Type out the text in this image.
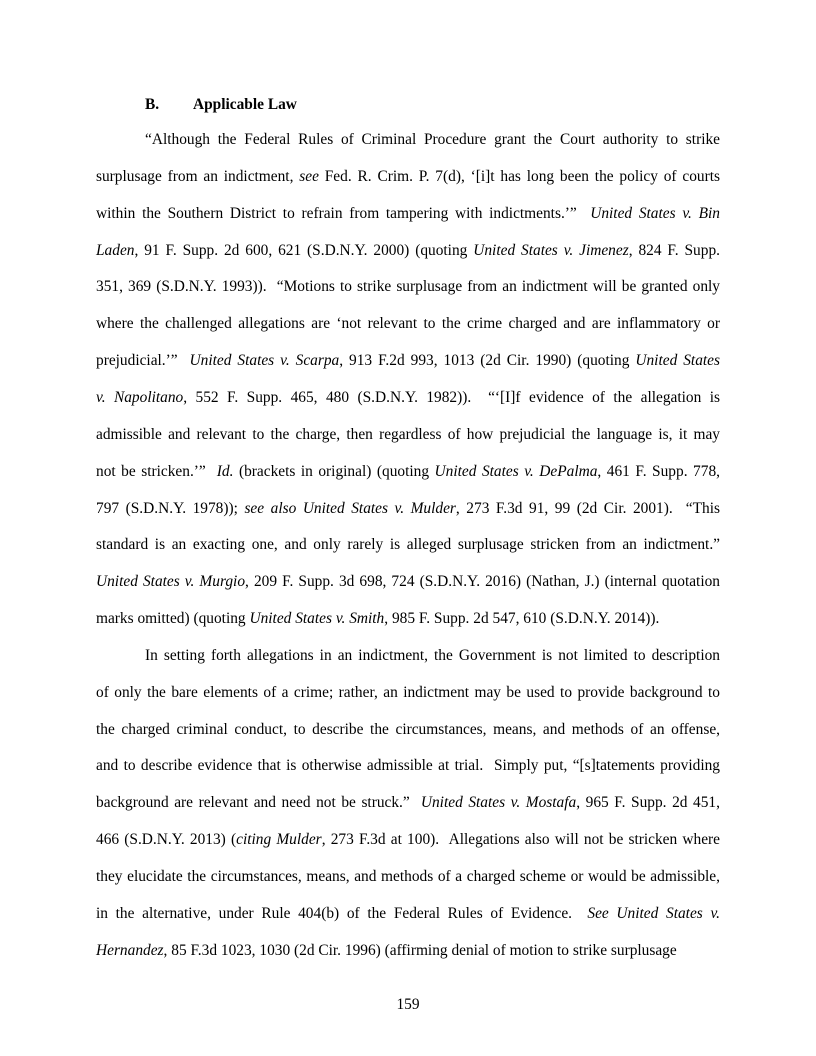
B. Applicable Law
“Although the Federal Rules of Criminal Procedure grant the Court authority to strike
surplusage from an indictment, see Fed. R. Crim. P. 7(d), ‘[i]t has long been the policy of courts
within the Southern District to refrain from tampering with indictments.’”  United States v. Bin
Laden, 91 F. Supp. 2d 600, 621 (S.D.N.Y. 2000) (quoting United States v. Jimenez, 824 F. Supp.
351, 369 (S.D.N.Y. 1993)).  “Motions to strike surplusage from an indictment will be granted only
where the challenged allegations are ‘not relevant to the crime charged and are inflammatory or
prejudicial.’”  United States v. Scarpa, 913 F.2d 993, 1013 (2d Cir. 1990) (quoting United States
v. Napolitano, 552 F. Supp. 465, 480 (S.D.N.Y. 1982)).  “‘[I]f evidence of the allegation is
admissible and relevant to the charge, then regardless of how prejudicial the language is, it may
not be stricken.’”  Id. (brackets in original) (quoting United States v. DePalma, 461 F. Supp. 778,
797 (S.D.N.Y. 1978)); see also United States v. Mulder, 273 F.3d 91, 99 (2d Cir. 2001).  “This
standard is an exacting one, and only rarely is alleged surplusage stricken from an indictment.”
United States v. Murgio, 209 F. Supp. 3d 698, 724 (S.D.N.Y. 2016) (Nathan, J.) (internal quotation
marks omitted) (quoting United States v. Smith, 985 F. Supp. 2d 547, 610 (S.D.N.Y. 2014)).
In setting forth allegations in an indictment, the Government is not limited to description
of only the bare elements of a crime; rather, an indictment may be used to provide background to
the charged criminal conduct, to describe the circumstances, means, and methods of an offense,
and to describe evidence that is otherwise admissible at trial.  Simply put, “[s]tatements providing
background are relevant and need not be struck.”  United States v. Mostafa, 965 F. Supp. 2d 451,
466 (S.D.N.Y. 2013) (citing Mulder, 273 F.3d at 100).  Allegations also will not be stricken where
they elucidate the circumstances, means, and methods of a charged scheme or would be admissible,
in the alternative, under Rule 404(b) of the Federal Rules of Evidence.  See United States v.
Hernandez, 85 F.3d 1023, 1030 (2d Cir. 1996) (affirming denial of motion to strike surplusage
159
